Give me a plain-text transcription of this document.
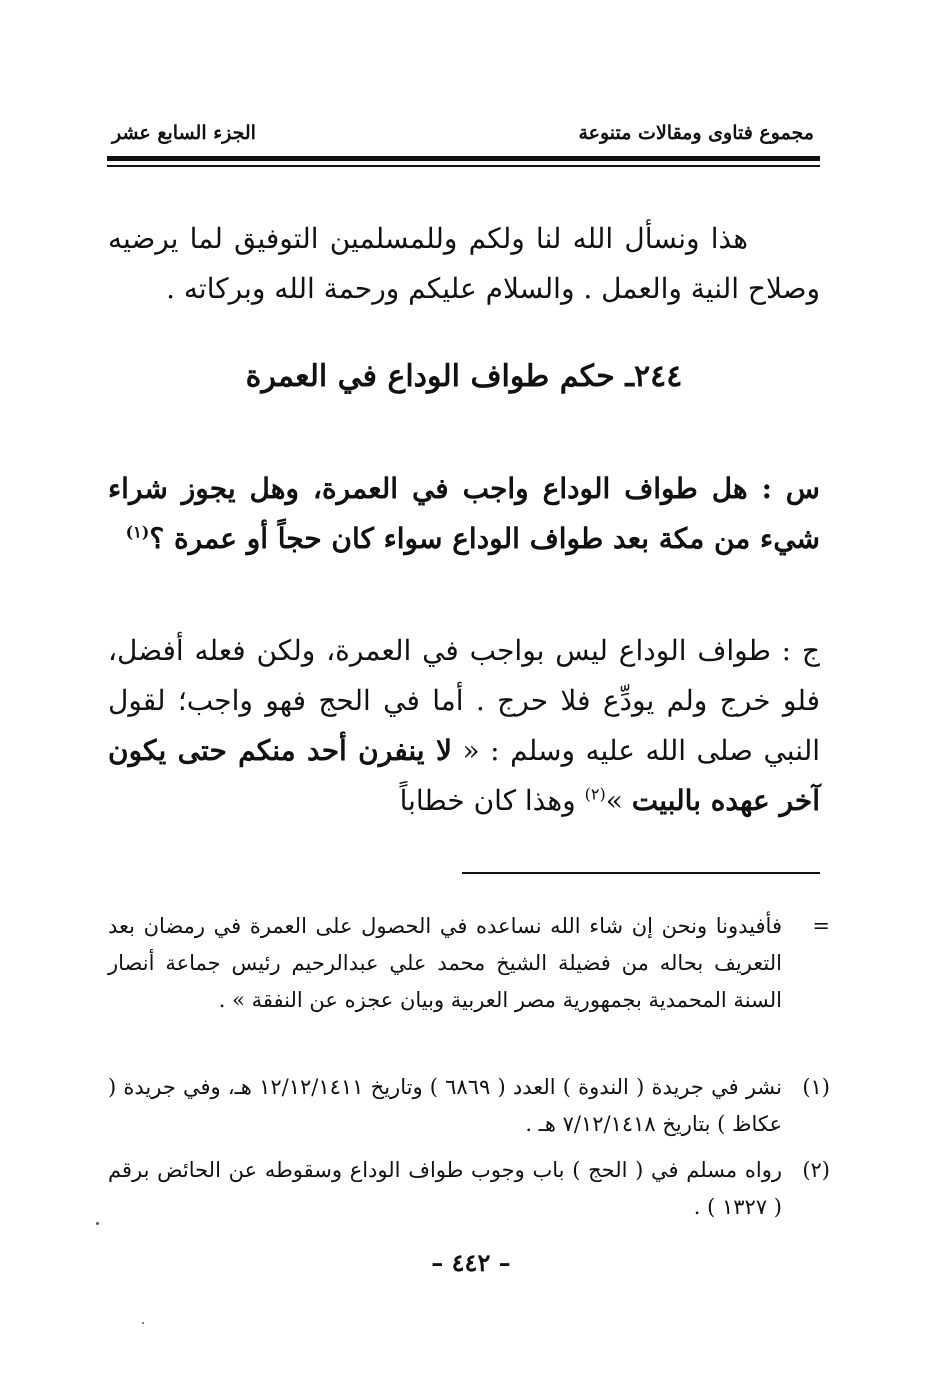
مجموع فتاوى ومقالات متنوعة
الجزء السابع عشر

هذا ونسأل الله لنا ولكم وللمسلمين التوفيق لما يرضيه وصلاح النية والعمل . والسلام عليكم ورحمة الله وبركاته .

٢٤٤ـ حكم طواف الوداع في العمرة

س : هل طواف الوداع واجب في العمرة، وهل يجوز شراء شيء من مكة بعد طواف الوداع سواء كان حجاً أو عمرة ؟$^{(١)}$

ج : طواف الوداع ليس بواجب في العمرة، ولكن فعله أفضل، فلو خرج ولم يودِّع فلا حرج . أما في الحج فهو واجب؛ لقول النبي صلى الله عليه وسلم : « لا ينفرن أحد منكم حتى يكون آخر عهده بالبيت »$^{(٢)}$ وهذا كان خطاباً

=
فأفيدونا ونحن إن شاء الله نساعده في الحصول على العمرة في رمضان بعد التعريف بحاله من فضيلة الشيخ محمد علي عبدالرحيم رئيس جماعة أنصار السنة المحمدية بجمهورية مصر العربية وبيان عجزه عن النفقة » .
(١)
نشر في جريدة ( الندوة ) العدد ( ٦٨٦٩ ) وتاريخ ١٢/١٢/١٤١١ هـ، وفي جريدة ( عكاظ ) بتاريخ ٧/١٢/١٤١٨ هـ .
(٢)
رواه مسلم في ( الحج ) باب وجوب طواف الوداع وسقوطه عن الحائض برقم ( ١٣٢٧ ) .
– ٤٤٢ –
